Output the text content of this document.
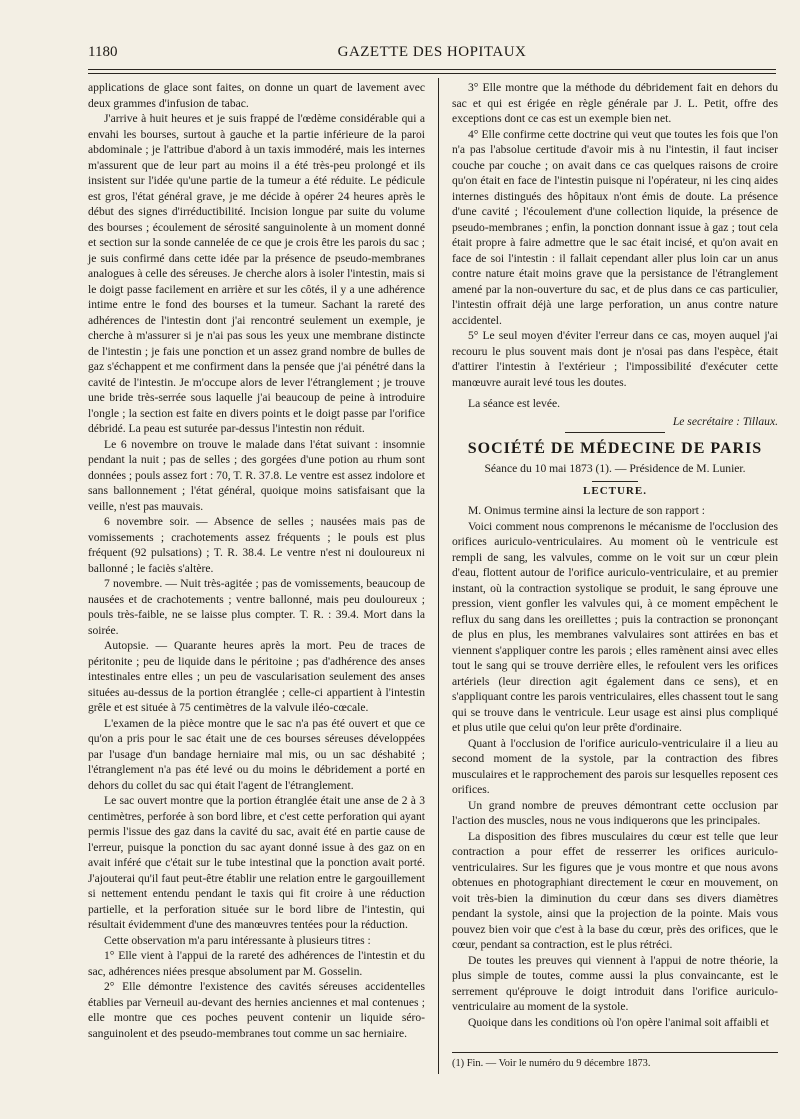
1180	GAZETTE DES HOPITAUX

applications de glace sont faites, on donne un quart de lavement avec deux grammes d'infusion de tabac.

J'arrive à huit heures et je suis frappé de l'œdème considérable qui a envahi les bourses, surtout à gauche et la partie inférieure de la paroi abdominale ; je l'attribue d'abord à un taxis immodéré, mais les internes m'assurent que de leur part au moins il a été très-peu prolongé et ils insistent sur l'idée qu'une partie de la tumeur a été réduite. Le pédicule est gros, l'état général grave, je me décide à opérer 24 heures après le début des signes d'irréductibilité. Incision longue par suite du volume des bourses ; écoulement de sérosité sanguinolente à un moment donné et section sur la sonde cannelée de ce que je crois être les parois du sac ; je suis confirmé dans cette idée par la présence de pseudo-membranes analogues à celle des séreuses. Je cherche alors à isoler l'intestin, mais si le doigt passe facilement en arrière et sur les côtés, il y a une adhérence intime entre le fond des bourses et la tumeur. Sachant la rareté des adhérences de l'intestin dont j'ai rencontré seulement un exemple, je cherche à m'assurer si je n'ai pas sous les yeux une membrane distincte de l'intestin ; je fais une ponction et un assez grand nombre de bulles de gaz s'échappent et me confirment dans la pensée que j'ai pénétré dans la cavité de l'intestin. Je m'occupe alors de lever l'étranglement ; je trouve une bride très-serrée sous laquelle j'ai beaucoup de peine à introduire l'ongle ; la section est faite en divers points et le doigt passe par l'orifice débridé. La peau est suturée par-dessus l'intestin non réduit.

Le 6 novembre on trouve le malade dans l'état suivant : insomnie pendant la nuit ; pas de selles ; des gorgées d'une potion au rhum sont données ; pouls assez fort : 70, T. R. 37.8. Le ventre est assez indolore et sans ballonnement ; l'état général, quoique moins satisfaisant que la veille, n'est pas mauvais.

6 novembre soir. — Absence de selles ; nausées mais pas de vomissements ; crachotements assez fréquents ; le pouls est plus fréquent (92 pulsations) ; T. R. 38.4. Le ventre n'est ni douloureux ni ballonné ; le faciès s'altère.

7 novembre. — Nuit très-agitée ; pas de vomissements, beaucoup de nausées et de crachotements ; ventre ballonné, mais peu douloureux ; pouls très-faible, ne se laisse plus compter. T. R. : 39.4. Mort dans la soirée.

Autopsie. — Quarante heures après la mort. Peu de traces de péritonite ; peu de liquide dans le péritoine ; pas d'adhérence des anses intestinales entre elles ; un peu de vascularisation seulement des anses situées au-dessus de la portion étranglée ; celle-ci appartient à l'intestin grêle et est située à 75 centimètres de la valvule iléo-cœcale.

L'examen de la pièce montre que le sac n'a pas été ouvert et que ce qu'on a pris pour le sac était une de ces bourses séreuses développées par l'usage d'un bandage herniaire mal mis, ou un sac déshabité ; l'étranglement n'a pas été levé ou du moins le débridement a porté en dehors du collet du sac qui était l'agent de l'étranglement.

Le sac ouvert montre que la portion étranglée était une anse de 2 à 3 centimètres, perforée à son bord libre, et c'est cette perforation qui ayant permis l'issue des gaz dans la cavité du sac, avait été en partie cause de l'erreur, puisque la ponction du sac ayant donné issue à des gaz on en avait inféré que c'était sur le tube intestinal que la ponction avait porté. J'ajouterai qu'il faut peut-être établir une relation entre le gargouillement si nettement entendu pendant le taxis qui fit croire à une réduction partielle, et la perforation située sur le bord libre de l'intestin, qui résultait évidemment d'une des manœuvres tentées pour la réduction.

Cette observation m'a paru intéressante à plusieurs titres :

1° Elle vient à l'appui de la rareté des adhérences de l'intestin et du sac, adhérences niées presque absolument par M. Gosselin.

2° Elle démontre l'existence des cavités séreuses accidentelles établies par Verneuil au-devant des hernies anciennes et mal contenues ; elle montre que ces poches peuvent contenir un liquide séro-sanguinolent et des pseudo-membranes tout comme un sac herniaire.

3° Elle montre que la méthode du débridement fait en dehors du sac et qui est érigée en règle générale par J. L. Petit, offre des exceptions dont ce cas est un exemple bien net.

4° Elle confirme cette doctrine qui veut que toutes les fois que l'on n'a pas l'absolue certitude d'avoir mis à nu l'intestin, il faut inciser couche par couche ; on avait dans ce cas quelques raisons de croire qu'on était en face de l'intestin puisque ni l'opérateur, ni les cinq aides internes distingués des hôpitaux n'ont émis de doute. La présence d'une cavité ; l'écoulement d'une collection liquide, la présence de pseudo-membranes ; enfin, la ponction donnant issue à gaz ; tout cela était propre à faire admettre que le sac était incisé, et qu'on avait en face de soi l'intestin : il fallait cependant aller plus loin car un anus contre nature était moins grave que la persistance de l'étranglement amené par la non-ouverture du sac, et de plus dans ce cas particulier, l'intestin offrait déjà une large perforation, un anus contre nature accidentel.

5° Le seul moyen d'éviter l'erreur dans ce cas, moyen auquel j'ai recouru le plus souvent mais dont je n'osai pas dans l'espèce, était d'attirer l'intestin à l'extérieur ; l'impossibilité d'exécuter cette manœuvre aurait levé tous les doutes.

La séance est levée.

Le secrétaire : Tillaux.

SOCIÉTÉ DE MÉDECINE DE PARIS
Séance du 10 mai 1873 (1). — Présidence de M. Lunier.
LECTURE.

M. Onimus termine ainsi la lecture de son rapport :

Voici comment nous comprenons le mécanisme de l'occlusion des orifices auriculo-ventriculaires. Au moment où le ventricule est rempli de sang, les valvules, comme on le voit sur un cœur plein d'eau, flottent autour de l'orifice auriculo-ventriculaire, et au premier instant, où la contraction systolique se produit, le sang éprouve une pression, vient gonfler les valvules qui, à ce moment empêchent le reflux du sang dans les oreillettes ; puis la contraction se prononçant de plus en plus, les membranes valvulaires sont attirées en bas et viennent s'appliquer contre les parois ; elles ramènent ainsi avec elles tout le sang qui se trouve derrière elles, le refoulent vers les orifices artériels (leur direction agit également dans ce sens), et en s'appliquant contre les parois ventriculaires, elles chassent tout le sang qui se trouve dans le ventricule. Leur usage est ainsi plus compliqué et plus utile que celui qu'on leur prête d'ordinaire.

Quant à l'occlusion de l'orifice auriculo-ventriculaire il a lieu au second moment de la systole, par la contraction des fibres musculaires et le rapprochement des parois sur lesquelles reposent ces orifices.

Un grand nombre de preuves démontrant cette occlusion par l'action des muscles, nous ne vous indiquerons que les principales.

La disposition des fibres musculaires du cœur est telle que leur contraction a pour effet de resserrer les orifices auriculo-ventriculaires. Sur les figures que je vous montre et que nous avons obtenues en photographiant directement le cœur en mouvement, on voit très-bien la diminution du cœur dans ses divers diamètres pendant la systole, ainsi que la projection de la pointe. Mais vous pouvez bien voir que c'est à la base du cœur, près des orifices, que le cœur, pendant sa contraction, est le plus rétréci.

De toutes les preuves qui viennent à l'appui de notre théorie, la plus simple de toutes, comme aussi la plus convaincante, est le serrement qu'éprouve le doigt introduit dans l'orifice auriculo-ventriculaire au moment de la systole.

Quoique dans les conditions où l'on opère l'animal soit affaibli et

(1) Fin. — Voir le numéro du 9 décembre 1873.
